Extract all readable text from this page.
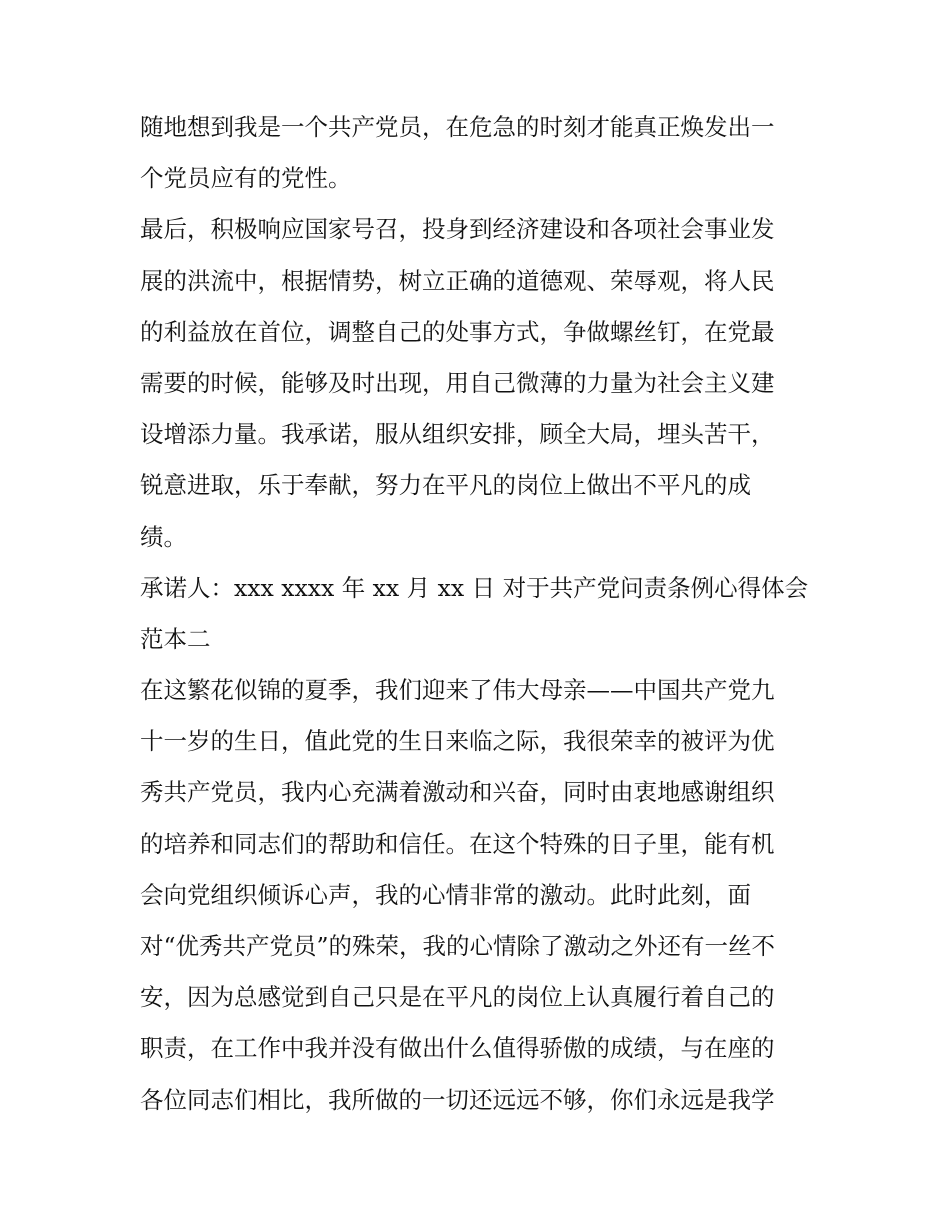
随地想到我是一个共产党员，在危急的时刻才能真正焕发出一
个党员应有的党性。
最后，积极响应国家号召，投身到经济建设和各项社会事业发
展的洪流中，根据情势，树立正确的道德观、荣辱观，将人民
的利益放在首位，调整自己的处事方式，争做螺丝钉，在党最
需要的时候，能够及时出现，用自己微薄的力量为社会主义建
设增添力量。我承诺，服从组织安排，顾全大局，埋头苦干，
锐意进取，乐于奉献，努力在平凡的岗位上做出不平凡的成
绩。
承诺人：xxx xxxx 年 xx 月 xx 日 对于共产党问责条例心得体会
范本二
在这繁花似锦的夏季，我们迎来了伟大母亲——中国共产党九
十一岁的生日，值此党的生日来临之际，我很荣幸的被评为优
秀共产党员，我内心充满着激动和兴奋，同时由衷地感谢组织
的培养和同志们的帮助和信任。在这个特殊的日子里，能有机
会向党组织倾诉心声，我的心情非常的激动。此时此刻，面
对“优秀共产党员”的殊荣，我的心情除了激动之外还有一丝不
安，因为总感觉到自己只是在平凡的岗位上认真履行着自己的
职责，在工作中我并没有做出什么值得骄傲的成绩，与在座的
各位同志们相比，我所做的一切还远远不够，你们永远是我学
